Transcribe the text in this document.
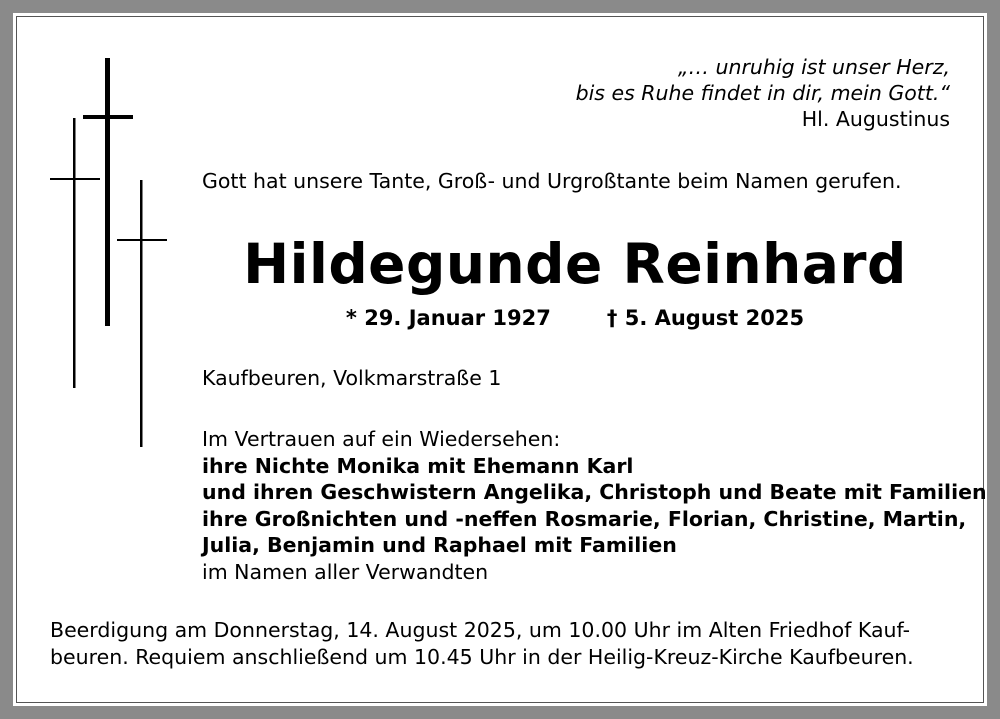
„… unruhig ist unser Herz,
bis es Ruhe findet in dir, mein Gott.“
Hl. Augustinus
Gott hat unsere Tante, Groß- und Urgroßtante beim Namen gerufen.
Hildegunde Reinhard
* 29. Januar 1927	† 5. August 2025
Kaufbeuren, Volkmarstraße 1
Im Vertrauen auf ein Wiedersehen:
ihre Nichte Monika mit Ehemann Karl
und ihren Geschwistern Angelika, Christoph und Beate mit Familien
ihre Großnichten und -neffen Rosmarie, Florian, Christine, Martin,
Julia, Benjamin und Raphael mit Familien
im Namen aller Verwandten
Beerdigung am Donnerstag, 14. August 2025, um 10.00 Uhr im Alten Friedhof Kauf-
beuren. Requiem anschließend um 10.45 Uhr in der Heilig-Kreuz-Kirche Kaufbeuren.
